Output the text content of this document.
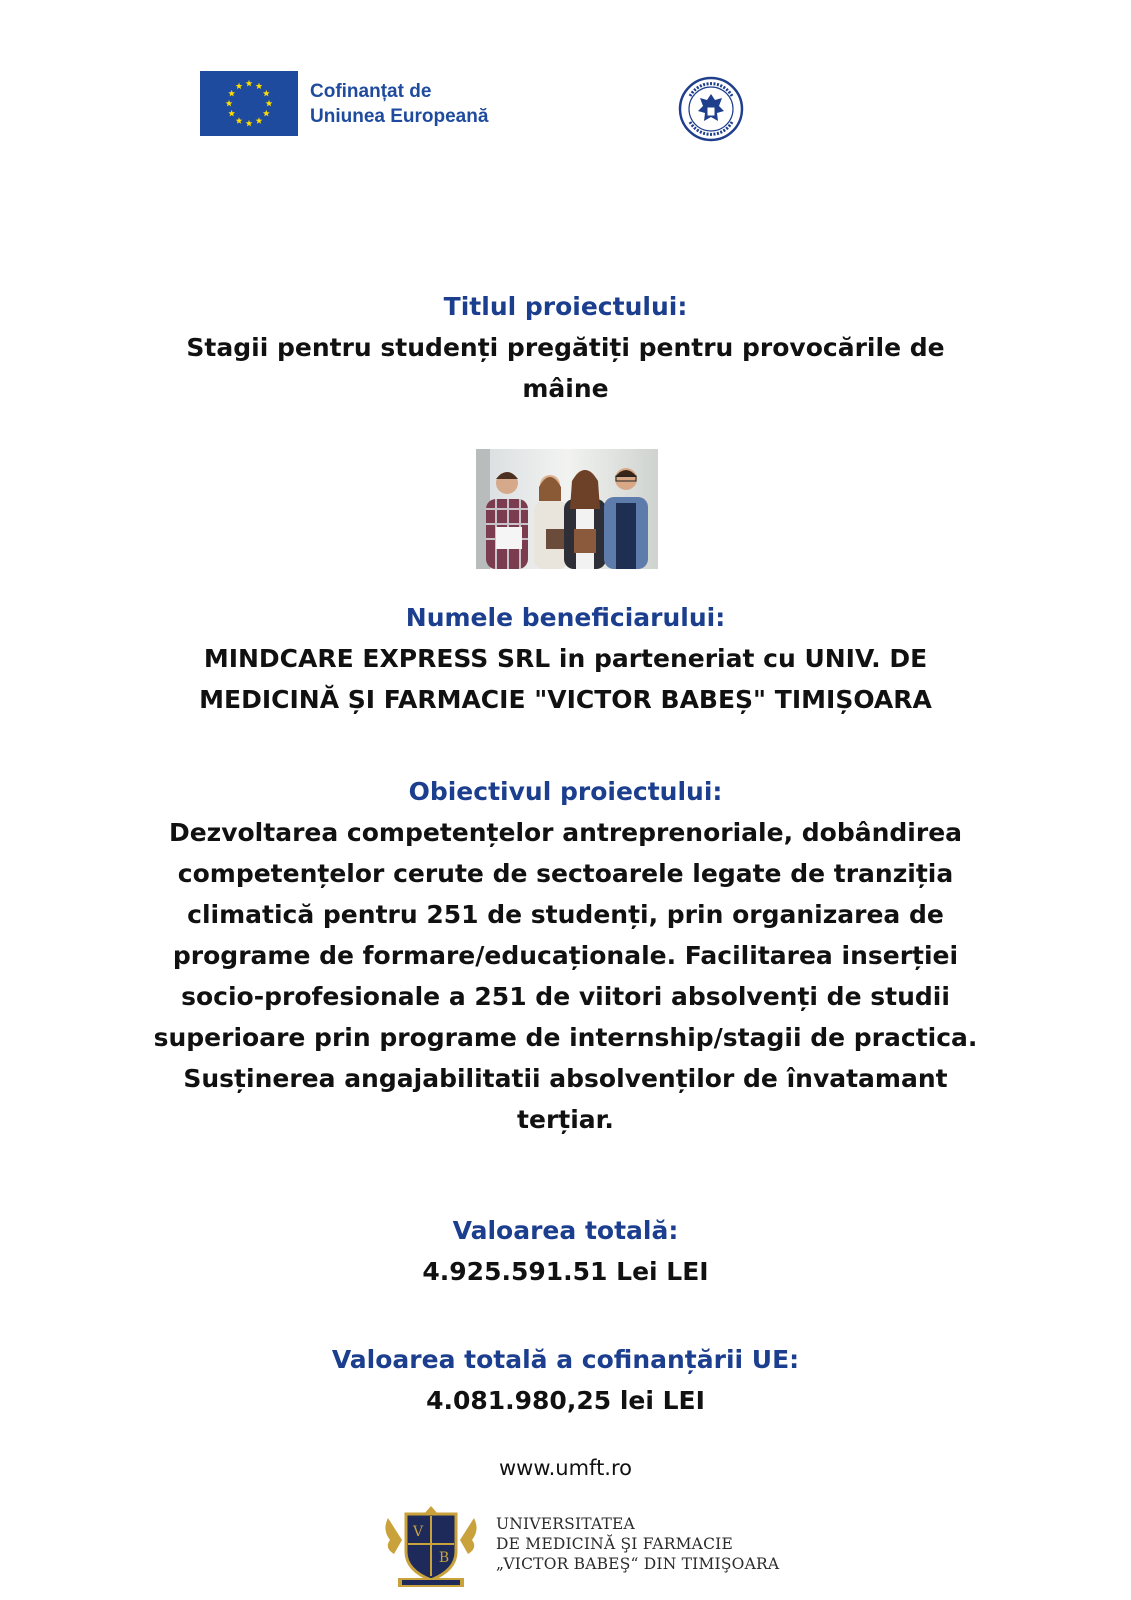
Cofinanțat de
Uniunea Europeană
Titlul proiectului:
Stagii pentru studenți pregătiți pentru provocările de
mâine
Numele beneficiarului:
MINDCARE EXPRESS SRL in parteneriat cu UNIV. DE
MEDICINĂ ȘI FARMACIE "VICTOR BABEȘ" TIMIȘOARA
Obiectivul proiectului:
Dezvoltarea competențelor antreprenoriale, dobândirea
competențelor cerute de sectoarele legate de tranziția
climatică pentru 251 de studenți, prin organizarea de
programe de formare/educaționale. Facilitarea inserției
socio-profesionale a 251 de viitori absolvenți de studii
superioare prin programe de internship/stagii de practica.
Susținerea angajabilitatii absolvenților de învatamant
terțiar.
Valoarea totală:
4.925.591.51 Lei LEI
Valoarea totală a cofinanțării UE:
4.081.980,25 lei LEI
www.umft.ro
V
B
UNIVERSITATEA
DE MEDICINĂ ŞI FARMACIE
„VICTOR BABEŞ“ DIN TIMIŞOARA
